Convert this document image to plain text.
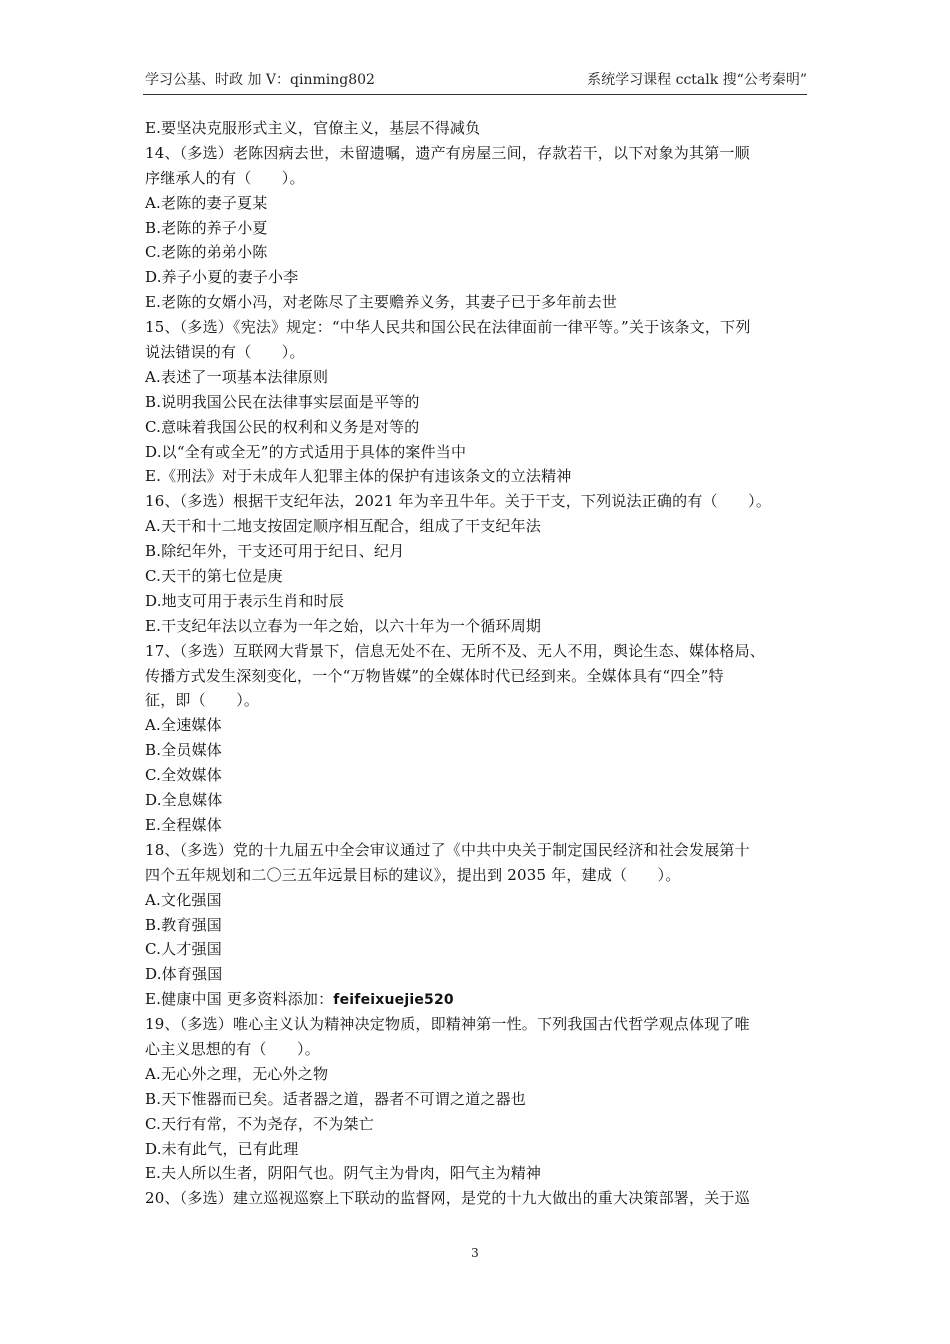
学习公基、时政 加 V：qinming802	系统学习课程 cctalk 搜“公考秦明”
E.要坚决克服形式主义，官僚主义，基层不得减负
14、（多选）老陈因病去世，未留遗嘱，遗产有房屋三间，存款若干，以下对象为其第一顺
序继承人的有（　　）。
A.老陈的妻子夏某
B.老陈的养子小夏
C.老陈的弟弟小陈
D.养子小夏的妻子小李
E.老陈的女婿小冯，对老陈尽了主要赡养义务，其妻子已于多年前去世
15、（多选）《宪法》规定：“中华人民共和国公民在法律面前一律平等。”关于该条文，下列
说法错误的有（　　）。
A.表述了一项基本法律原则
B.说明我国公民在法律事实层面是平等的
C.意味着我国公民的权利和义务是对等的
D.以“全有或全无”的方式适用于具体的案件当中
E.《刑法》对于未成年人犯罪主体的保护有违该条文的立法精神
16、（多选）根据干支纪年法，2021 年为辛丑牛年。关于干支，下列说法正确的有（　　）。
A.天干和十二地支按固定顺序相互配合，组成了干支纪年法
B.除纪年外，干支还可用于纪日、纪月
C.天干的第七位是庚
D.地支可用于表示生肖和时辰
E.干支纪年法以立春为一年之始，以六十年为一个循环周期
17、（多选）互联网大背景下，信息无处不在、无所不及、无人不用，舆论生态、媒体格局、
传播方式发生深刻变化，一个“万物皆媒”的全媒体时代已经到来。全媒体具有“四全”特
征，即（　　）。
A.全速媒体
B.全员媒体
C.全效媒体
D.全息媒体
E.全程媒体
18、（多选）党的十九届五中全会审议通过了《中共中央关于制定国民经济和社会发展第十
四个五年规划和二〇三五年远景目标的建议》，提出到 2035 年，建成（　　）。
A.文化强国
B.教育强国
C.人才强国
D.体育强国
E.健康中国 更多资料添加：feifeixuejie520
19、（多选）唯心主义认为精神决定物质，即精神第一性。下列我国古代哲学观点体现了唯
心主义思想的有（　　）。
A.无心外之理，无心外之物
B.天下惟器而已矣。适者器之道，器者不可谓之道之器也
C.天行有常，不为尧存，不为桀亡
D.未有此气，已有此理
E.夫人所以生者，阴阳气也。阴气主为骨肉，阳气主为精神
20、（多选）建立巡视巡察上下联动的监督网，是党的十九大做出的重大决策部署，关于巡
3
